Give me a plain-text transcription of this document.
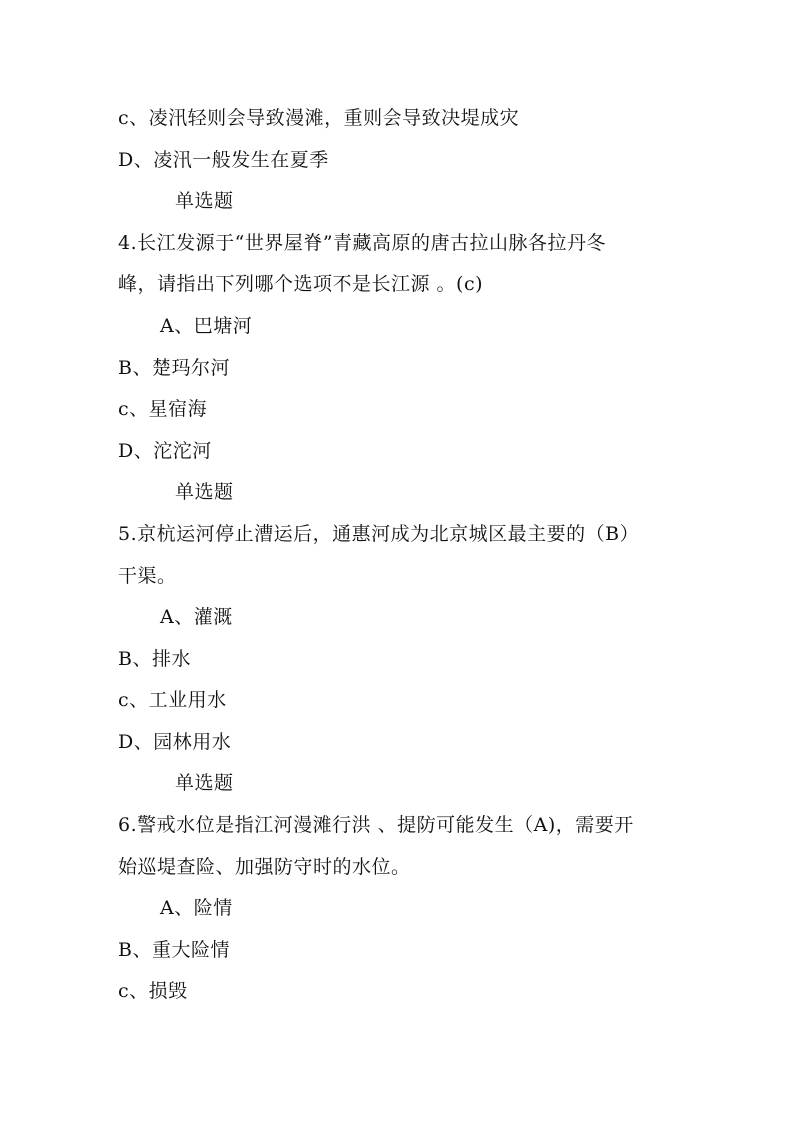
c、凌汛轻则会导致漫滩，重则会导致决堤成灾
D、凌汛一般发生在夏季
单选题
4.长江发源于“世界屋脊”青藏高原的唐古拉山脉各拉丹冬
峰，请指出下列哪个选项不是长江源 。(c)
A、巴塘河
B、楚玛尔河
c、星宿海
D、沱沱河
单选题
5.京杭运河停止漕运后，通惠河成为北京城区最主要的（B）
干渠。
A、灌溉
B、排水
c、工业用水
D、园林用水
单选题
6.警戒水位是指江河漫滩行洪 、提防可能发生（A)，需要开
始巡堤查险、加强防守时的水位。
A、险情
B、重大险情
c、损毁
